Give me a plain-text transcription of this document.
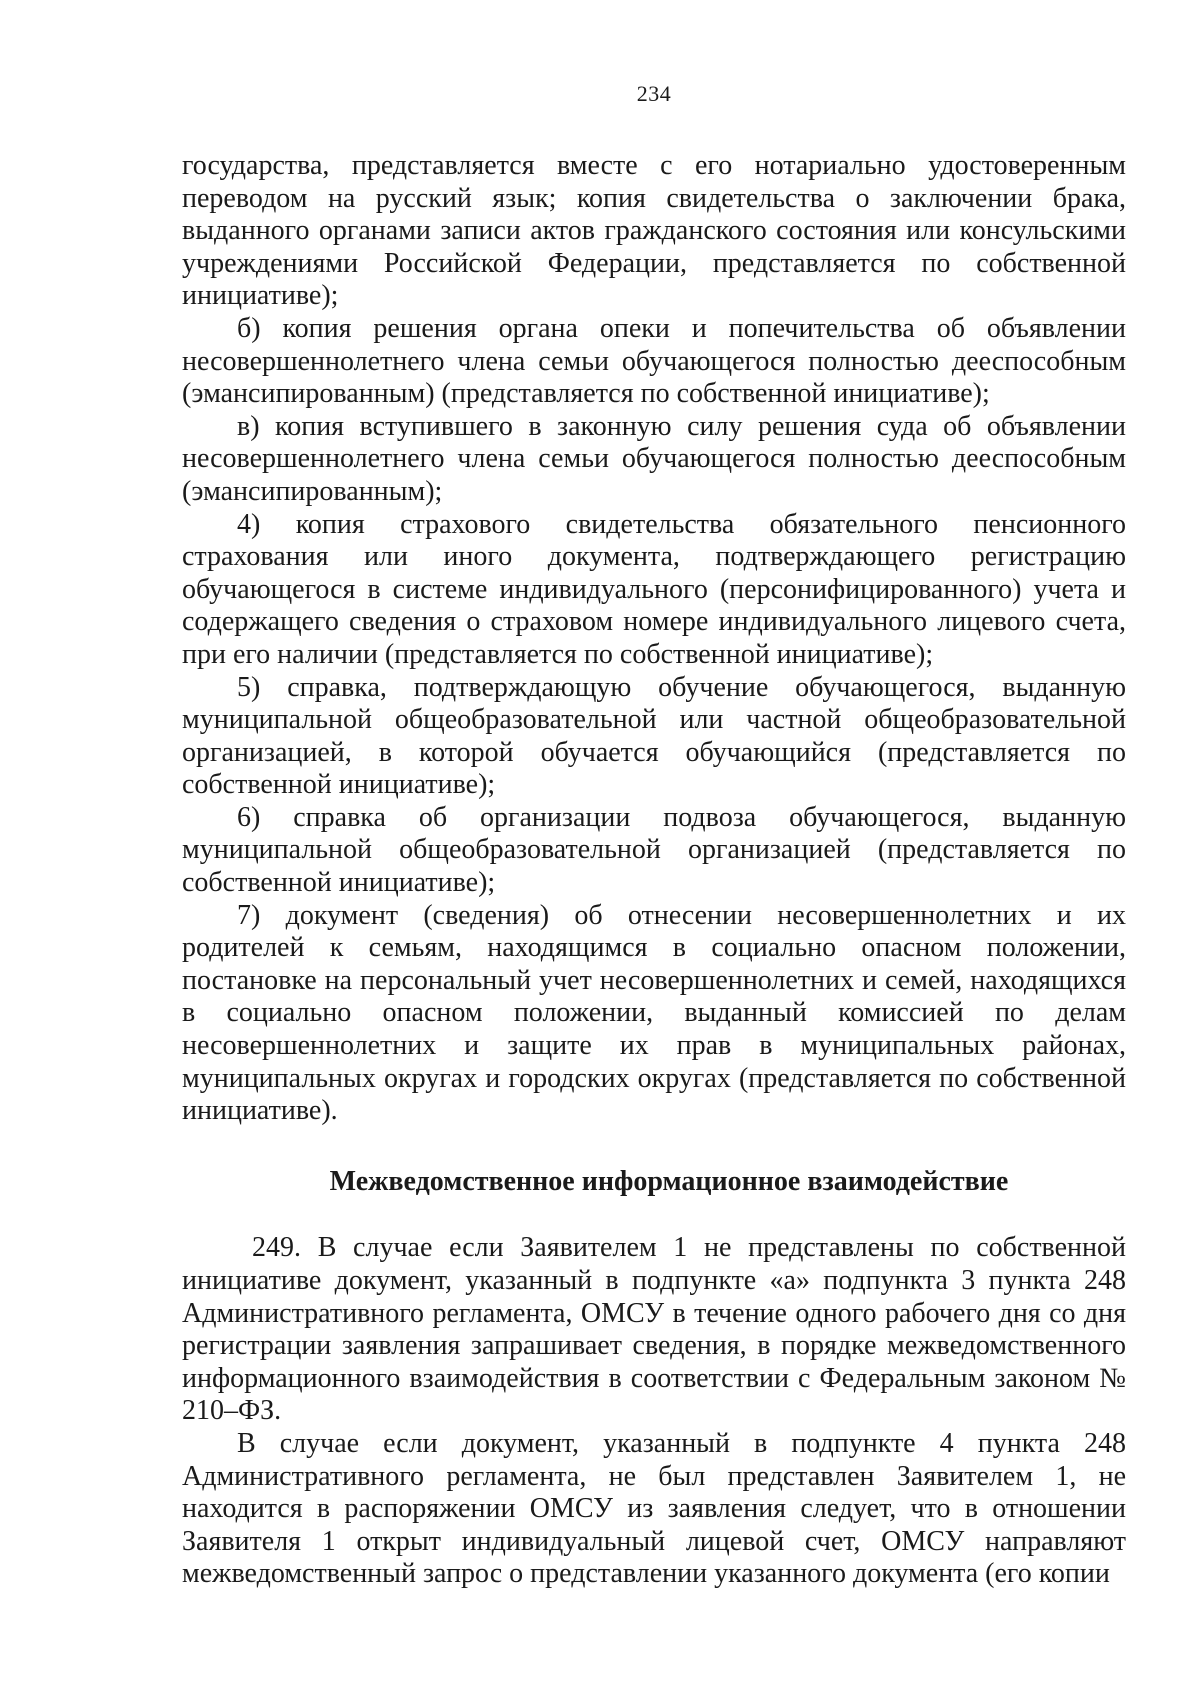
234

государства, представляется вместе с его нотариально удостоверенным переводом на русский язык; копия свидетельства о заключении брака, выданного органами записи актов гражданского состояния или консульскими учреждениями Российской Федерации, представляется по собственной инициативе);

б) копия решения органа опеки и попечительства об объявлении несовершеннолетнего члена семьи обучающегося полностью дееспособным (эмансипированным) (представляется по собственной инициативе);

в) копия вступившего в законную силу решения суда об объявлении несовершеннолетнего члена семьи обучающегося полностью дееспособным (эмансипированным);

4) копия страхового свидетельства обязательного пенсионного страхования или иного документа, подтверждающего регистрацию обучающегося в системе индивидуального (персонифицированного) учета и содержащего сведения о страховом номере индивидуального лицевого счета, при его наличии (представляется по собственной инициативе);

5) справка, подтверждающую обучение обучающегося, выданную муниципальной общеобразовательной или частной общеобразовательной организацией, в которой обучается обучающийся (представляется по собственной инициативе);

6) справка об организации подвоза обучающегося, выданную муниципальной общеобразовательной организацией (представляется по собственной инициативе);

7) документ (сведения) об отнесении несовершеннолетних и их родителей к семьям, находящимся в социально опасном положении, постановке на персональный учет несовершеннолетних и семей, находящихся в социально опасном положении, выданный комиссией по делам несовершеннолетних и защите их прав в муниципальных районах, муниципальных округах и городских округах (представляется по собственной инициативе).

Межведомственное информационное взаимодействие

249. В случае если Заявителем 1 не представлены по собственной инициативе документ, указанный в подпункте «а» подпункта 3 пункта 248 Административного регламента, ОМСУ в течение одного рабочего дня со дня регистрации заявления запрашивает сведения, в порядке межведомственного информационного взаимодействия в соответствии с Федеральным законом № 210–ФЗ.

В случае если документ, указанный в подпункте 4 пункта 248 Административного регламента, не был представлен Заявителем 1, не находится в распоряжении ОМСУ из заявления следует, что в отношении Заявителя 1 открыт индивидуальный лицевой счет, ОМСУ направляют межведомственный запрос о представлении указанного документа (его копии
